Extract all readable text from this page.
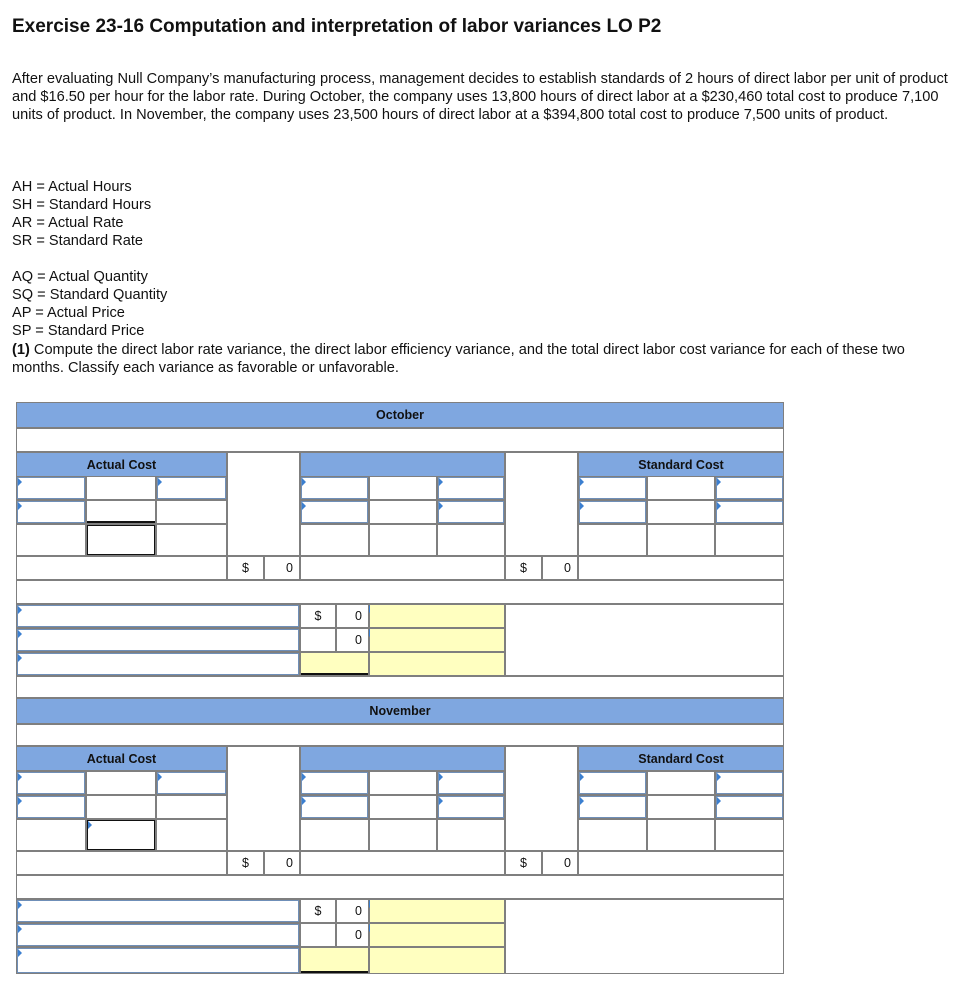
Exercise 23-16 Computation and interpretation of labor variances LO P2

After evaluating Null Company’s manufacturing process, management decides to establish standards of 2 hours of direct labor per unit of product and $16.50 per hour for the labor rate. During October, the company uses 13,800 hours of direct labor at a $230,460 total cost to produce 7,100 units of product. In November, the company uses 23,500 hours of direct labor at a $394,800 total cost to produce 7,500 units of product.

AH = Actual Hours
SH = Standard Hours
AR = Actual Rate
SR = Standard Rate
AQ = Actual Quantity
SQ = Standard Quantity
AP = Actual Price
SP = Standard Price

(1) Compute the direct labor rate variance, the direct labor efficiency variance, and the total direct labor cost variance for each of these two months. Classify each variance as favorable or unfavorable.

October
Actual Cost	Standard Cost
$	0	$	0
$	0
0
November
Actual Cost	Standard Cost
$	0	$	0
$	0
0
